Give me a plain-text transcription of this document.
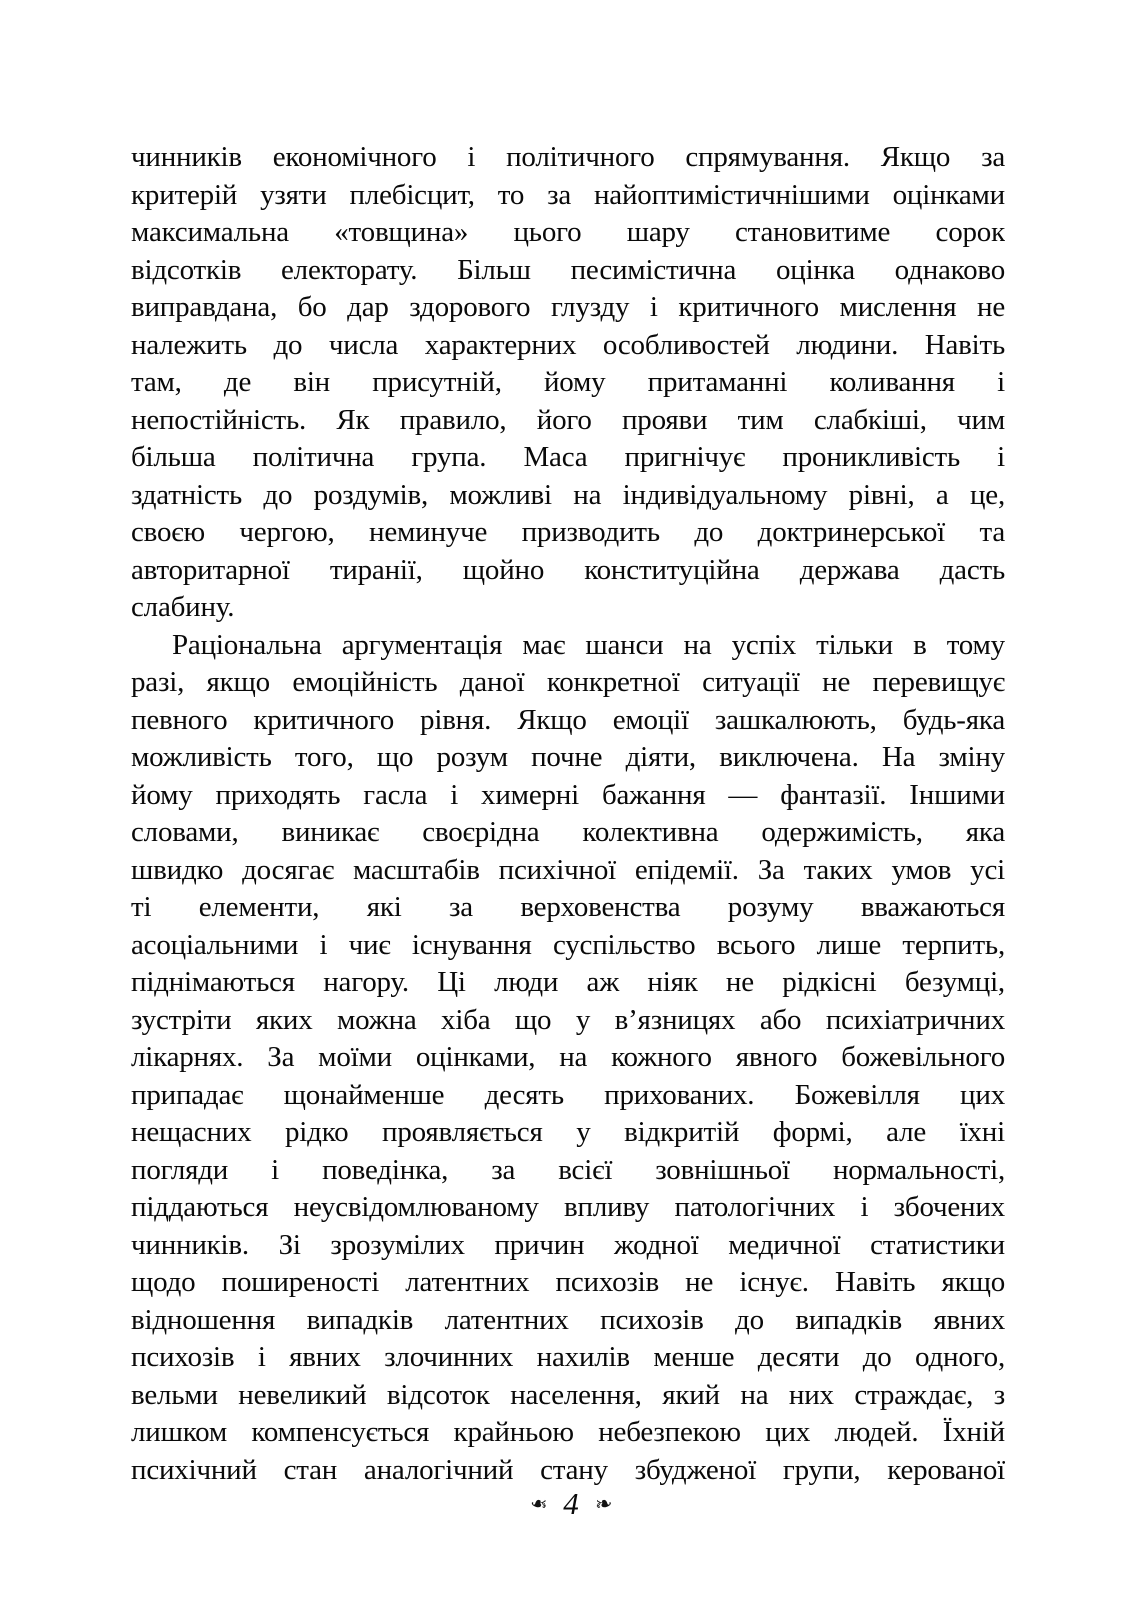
чинників економічного і політичного спрямування. Якщо за
критерій узяти плебісцит, то за найоптимістичнішими оцінками
максимальна «товщина» цього шару становитиме сорок
відсотків електорату. Більш песимістична оцінка однаково
виправдана, бо дар здорового глузду і критичного мислення не
належить до числа характерних особливостей людини. Навіть
там, де він присутній, йому притаманні коливання і
непостійність. Як правило, його прояви тим слабкіші, чим
більша політична група. Маса пригнічує проникливість і
здатність до роздумів, можливі на індивідуальному рівні, а це,
своєю чергою, неминуче призводить до доктринерської та
авторитарної тиранії, щойно конституційна держава дасть
слабину.
Раціональна аргументація має шанси на успіх тільки в тому
разі, якщо емоційність даної конкретної ситуації не перевищує
певного критичного рівня. Якщо емоції зашкалюють, будь-яка
можливість того, що розум почне діяти, виключена. На зміну
йому приходять гасла і химерні бажання — фантазії. Іншими
словами, виникає своєрідна колективна одержимість, яка
швидко досягає масштабів психічної епідемії. За таких умов усі
ті елементи, які за верховенства розуму вважаються
асоціальними і чиє існування суспільство всього лише терпить,
піднімаються нагору. Ці люди аж ніяк не рідкісні безумці,
зустріти яких можна хіба що у в’язницях або психіатричних
лікарнях. За моїми оцінками, на кожного явного божевільного
припадає щонайменше десять прихованих. Божевілля цих
нещасних рідко проявляється у відкритій формі, але їхні
погляди і поведінка, за всієї зовнішньої нормальності,
піддаються неусвідомлюваному впливу патологічних і збочених
чинників. Зі зрозумілих причин жодної медичної статистики
щодо поширеності латентних психозів не існує. Навіть якщо
відношення випадків латентних психозів до випадків явних
психозів і явних злочинних нахилів менше десяти до одного,
вельми невеликий відсоток населення, який на них страждає, з
лишком компенсується крайньою небезпекою цих людей. Їхній
психічний стан аналогічний стану збудженої групи, керованої
❧ 4 ❧
